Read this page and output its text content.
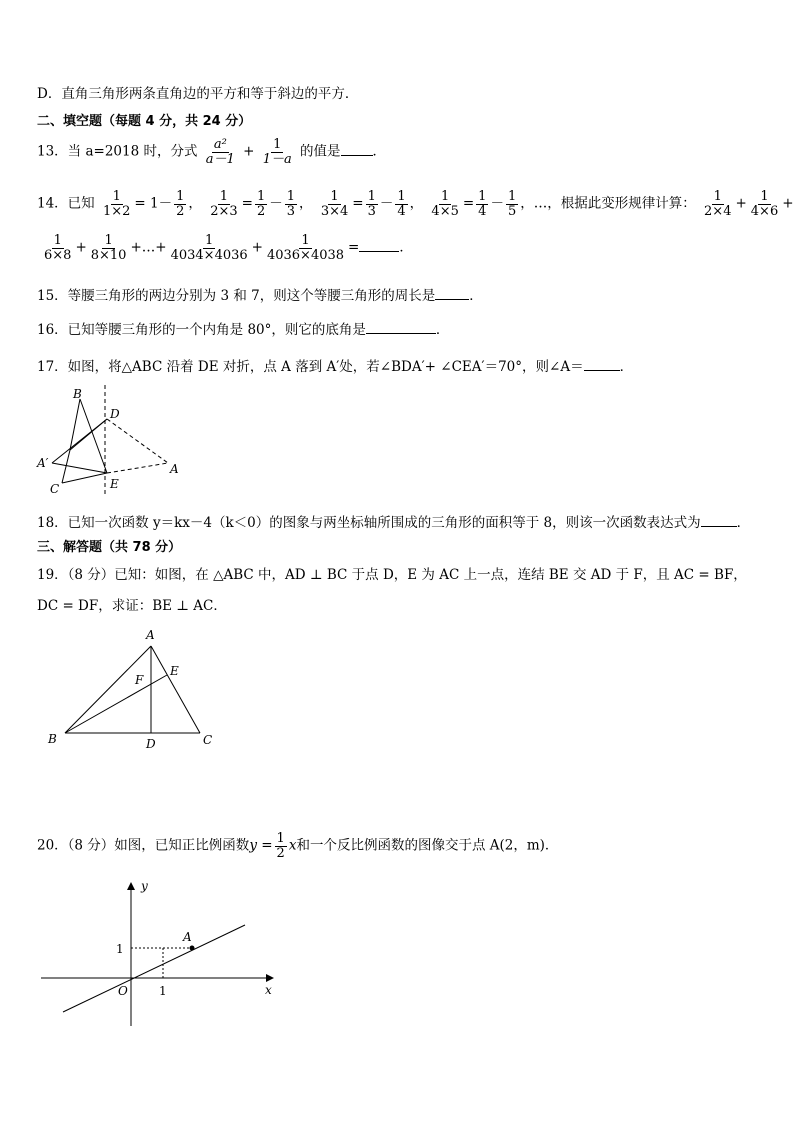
D．直角三角形两条直角边的平方和等于斜边的平方．
二、填空题（每题 4 分，共 24 分）
13．当 a=2018 时，分式 $\frac{\text{a²}}{a-1} + \frac{1}{1-a}$ 的值是 ．
14．已知 $\frac{1}{1\times 2} = 1- \frac{1}{2}$ ， $\frac{1}{2\times 3} = \frac{1}{2} - \frac{1}{3}$ ， $\frac{1}{3\times 4} = \frac{1}{3} - \frac{1}{4}$ ， $\frac{1}{4\times 5} = \frac{1}{4} - \frac{1}{5}$ ，…，根据此变形规律计算： $\frac{1}{2\times 4} + \frac{1}{4\times 6}$ +
$\frac{1}{6\times 8} + \frac{1}{8\times 10}$ +…+ $\frac{1}{4034\times 4036} + \frac{1}{4036\times 4038}$ =	．
15．等腰三角形的两边分别为 3 和 7，则这个等腰三角形的周长是	．
16．已知等腰三角形的一个内角是 80°，则它的底角是	．
17．如图，将△ABC 沿着 DE 对折，点 A 落到 A′处，若∠BDA′+ ∠CEA′＝70°，则∠A＝	．
B
D
A′	A
C	E
18．已知一次函数 y＝kx－4（k＜0）的图象与两坐标轴所围成的三角形的面积等于 8，则该一次函数表达式为	．
三、解答题（共 78 分）
19．（8 分）已知：如图，在 △ABC 中，AD ⊥ BC 于点 D，E 为 AC 上一点，连结 BE 交 AD 于 F，且 AC = BF，
DC = DF，求证：BE ⊥ AC．
A
E
F
B	D	C
20．（8 分）如图，已知正比例函数$y = \frac{1}{2}$ x和一个反比例函数的图像交于点 A(2，m)．
y
x
O
1
1
A
